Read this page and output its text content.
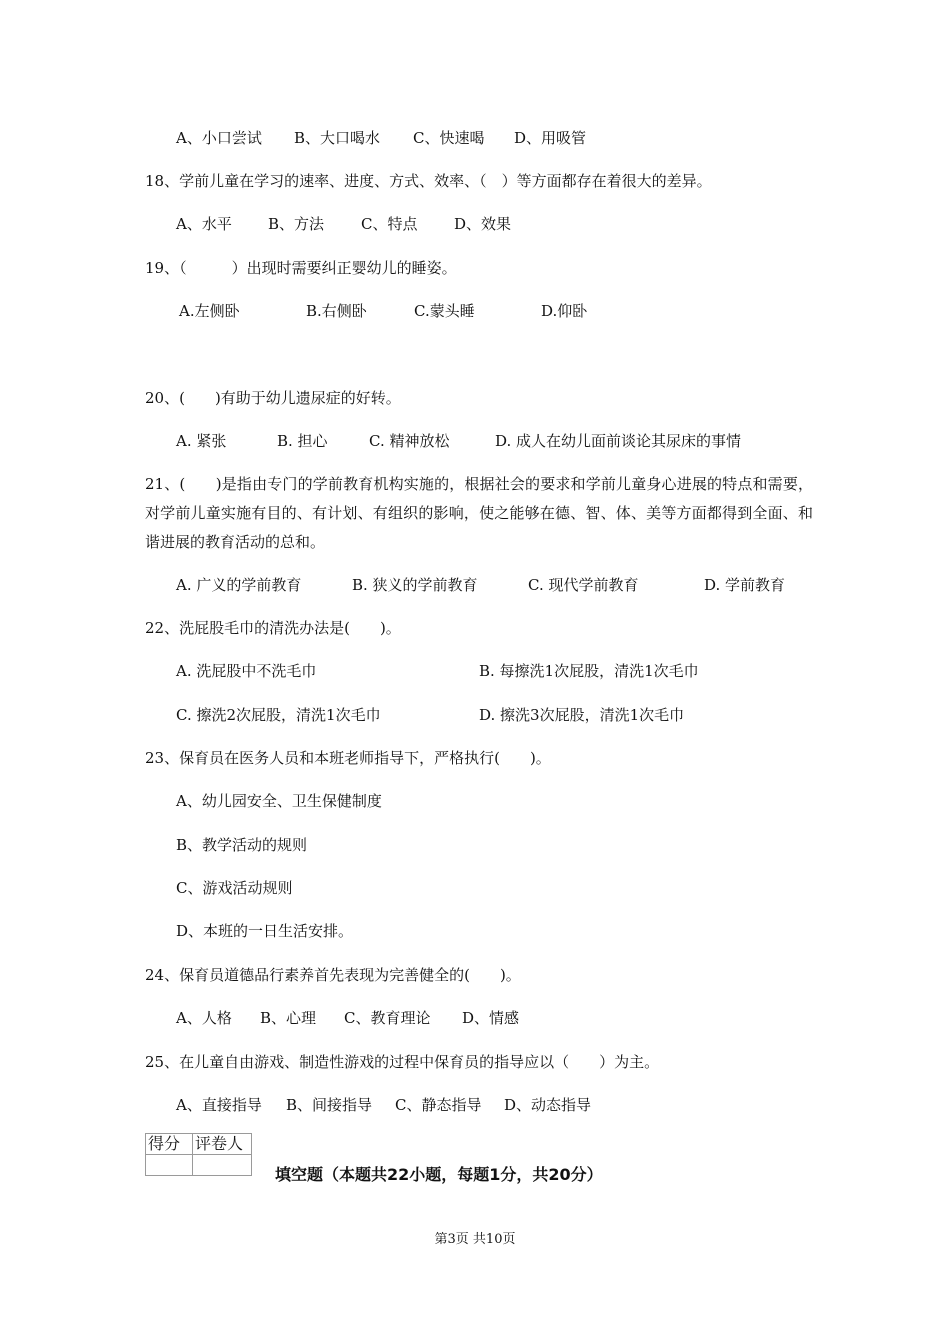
A、小口尝试 B、大口喝水 C、快速喝 D、用吸管
18、学前儿童在学习的速率、进度、方式、效率、（　）等方面都存在着很大的差异。
A、水平 B、方法 C、特点 D、效果
19、（　　　）出现时需要纠正婴幼儿的睡姿。
A.左侧卧	B.右侧卧	C.蒙头睡	D.仰卧
20、(　　)有助于幼儿遗尿症的好转。
A. 紧张	B. 担心	C. 精神放松	D. 成人在幼儿面前谈论其尿床的事情
21、(　　)是指由专门的学前教育机构实施的，根据社会的要求和学前儿童身心进展的特点和需要，对学前儿童实施有目的、有计划、有组织的影响，使之能够在德、智、体、美等方面都得到全面、和谐进展的教育活动的总和。
A. 广义的学前教育	B. 狭义的学前教育	C. 现代学前教育	D. 学前教育
22、洗屁股毛巾的清洗办法是(　　)。
A. 洗屁股中不洗毛巾	B. 每擦洗1次屁股，清洗1次毛巾
C. 擦洗2次屁股，清洗1次毛巾	D. 擦洗3次屁股，清洗1次毛巾
23、保育员在医务人员和本班老师指导下，严格执行(　　)。
A、幼儿园安全、卫生保健制度
B、教学活动的规则
C、游戏活动规则
D、本班的一日生活安排。
24、保育员道德品行素养首先表现为完善健全的(　　)。
A、人格 B、心理 C、教育理论 D、情感
25、在儿童自由游戏、制造性游戏的过程中保育员的指导应以（　　）为主。
A、直接指导 B、间接指导 C、静态指导 D、动态指导
得分	评卷人

填空题（本题共22小题，每题1分，共20分）
第3页 共10页
